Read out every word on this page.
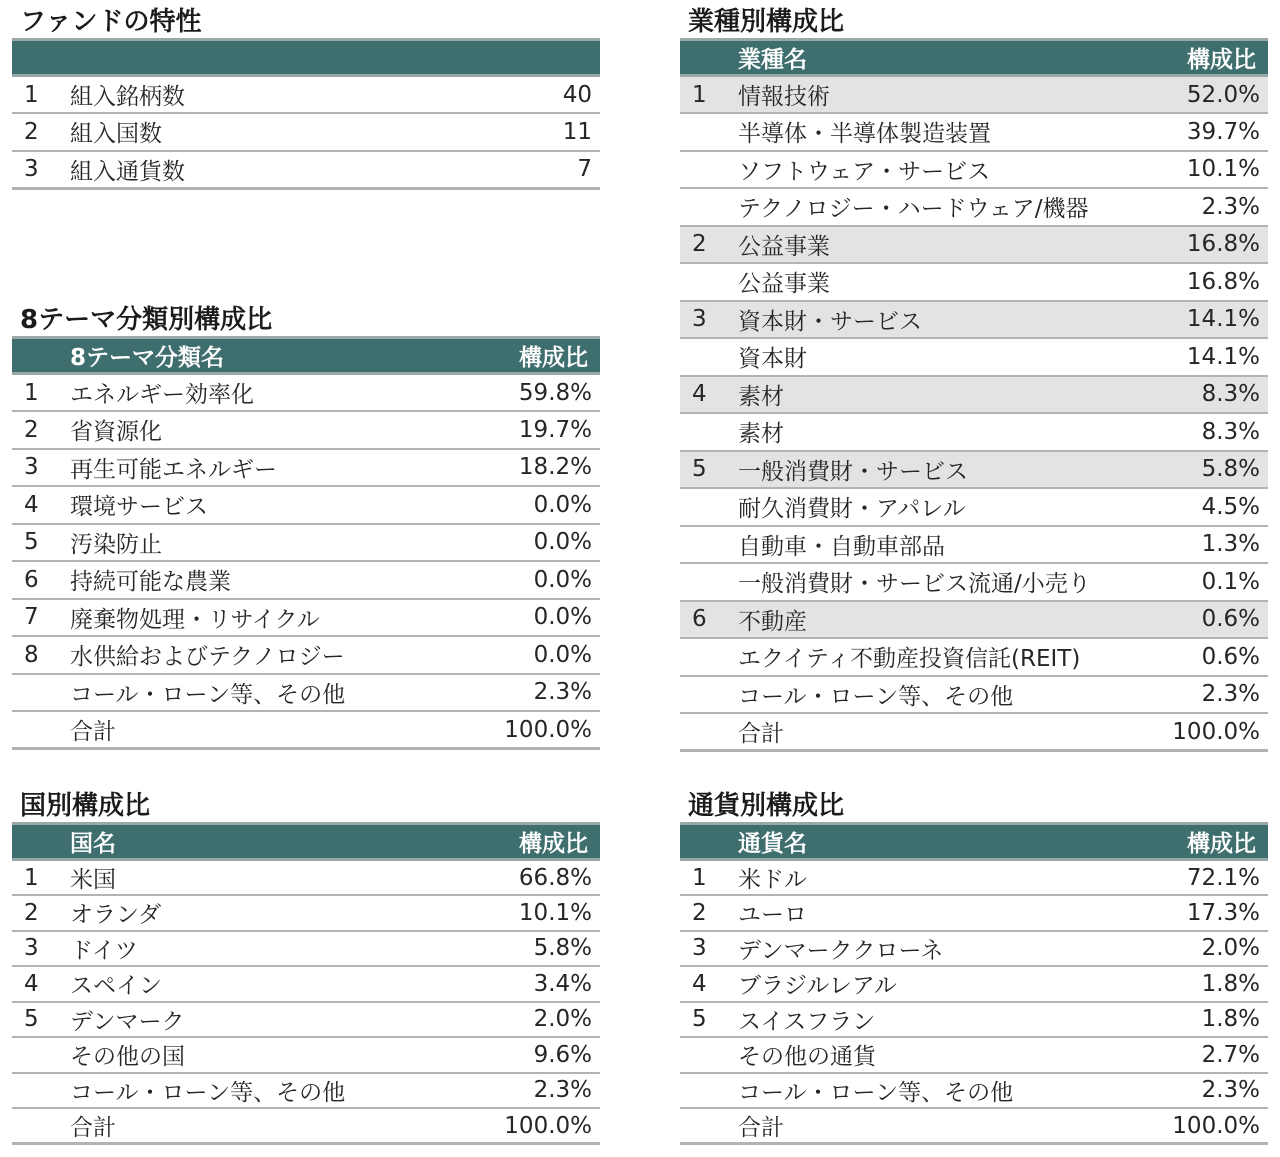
ファンドの特性

1	組入銘柄数	40
2	組入国数	11
3	組入通貨数	7
8テーマ分類別構成比
	8テーマ分類名	構成比
1	エネルギー効率化	59.8%
2	省資源化	19.7%
3	再生可能エネルギー	18.2%
4	環境サービス	0.0%
5	汚染防止	0.0%
6	持続可能な農業	0.0%
7	廃棄物処理・リサイクル	0.0%
8	水供給およびテクノロジー	0.0%
	コール・ローン等、その他	2.3%
	合計	100.0%
国別構成比
	国名	構成比
1	米国	66.8%
2	オランダ	10.1%
3	ドイツ	5.8%
4	スペイン	3.4%
5	デンマーク	2.0%
	その他の国	9.6%
	コール・ローン等、その他	2.3%
	合計	100.0%
業種別構成比
	業種名	構成比
1	情報技術	52.0%
	半導体・半導体製造装置	39.7%
	ソフトウェア・サービス	10.1%
	テクノロジー・ハードウェア/機器	2.3%
2	公益事業	16.8%
	公益事業	16.8%
3	資本財・サービス	14.1%
	資本財	14.1%
4	素材	8.3%
	素材	8.3%
5	一般消費財・サービス	5.8%
	耐久消費財・アパレル	4.5%
	自動車・自動車部品	1.3%
	一般消費財・サービス流通/小売り	0.1%
6	不動産	0.6%
	エクイティ不動産投資信託(REIT)	0.6%
	コール・ローン等、その他	2.3%
	合計	100.0%
通貨別構成比
	通貨名	構成比
1	米ドル	72.1%
2	ユーロ	17.3%
3	デンマーククローネ	2.0%
4	ブラジルレアル	1.8%
5	スイスフラン	1.8%
	その他の通貨	2.7%
	コール・ローン等、その他	2.3%
	合計	100.0%
